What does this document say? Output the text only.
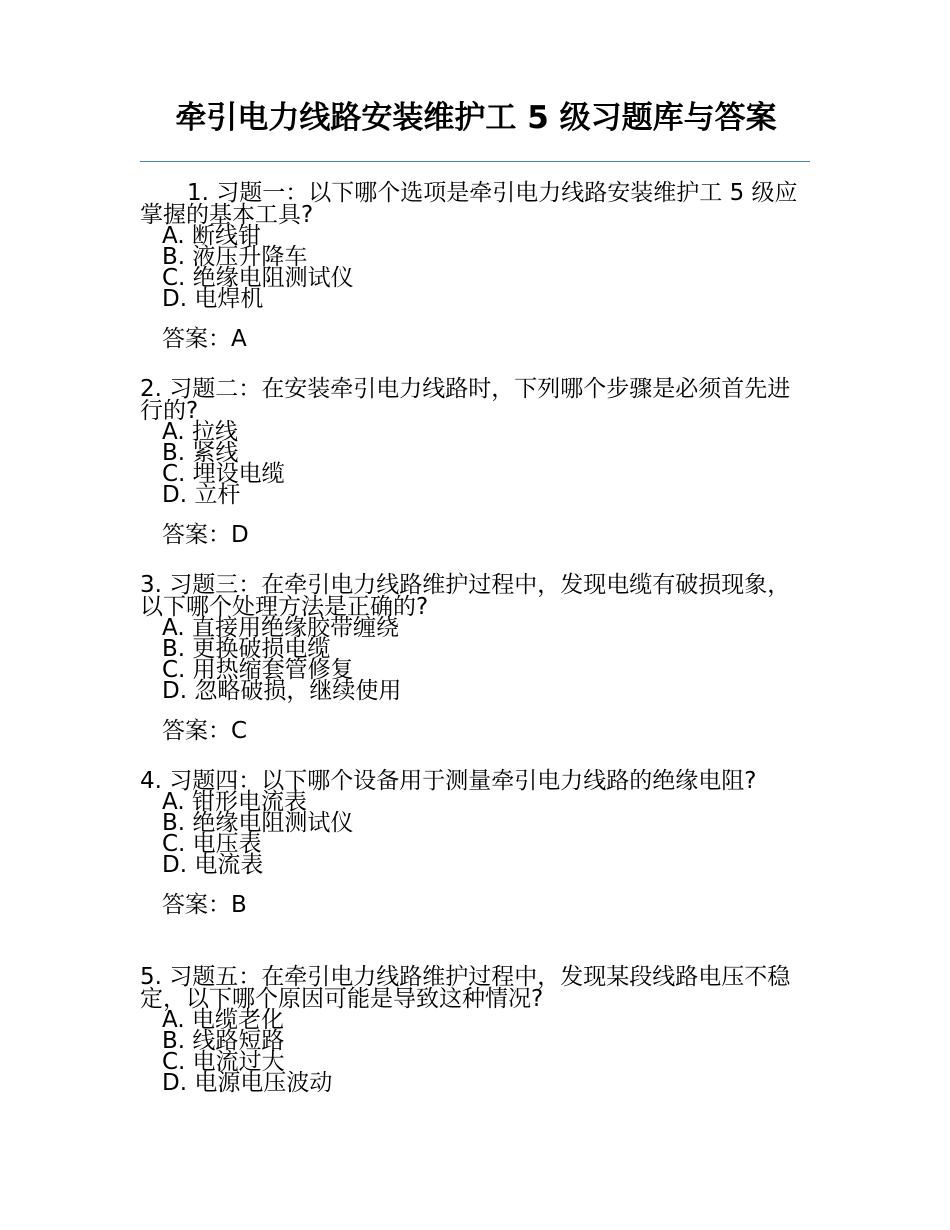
牵引电力线路安装维护工 5 级习题库与答案

1. 习题一：以下哪个选项是牵引电力线路安装维护工 5 级应掌握的基本工具?

A. 断线钳
B. 液压升降车
C. 绝缘电阻测试仪
D. 电焊机
答案：A

2. 习题二：在安装牵引电力线路时，下列哪个步骤是必须首先进行的?

A. 拉线
B. 紧线
C. 埋设电缆
D. 立杆
答案：D

3. 习题三：在牵引电力线路维护过程中，发现电缆有破损现象，以下哪个处理方法是正确的?

A. 直接用绝缘胶带缠绕
B. 更换破损电缆
C. 用热缩套管修复
D. 忽略破损，继续使用
答案：C

4. 习题四：以下哪个设备用于测量牵引电力线路的绝缘电阻?

A. 钳形电流表
B. 绝缘电阻测试仪
C. 电压表
D. 电流表
答案：B

5. 习题五：在牵引电力线路维护过程中，发现某段线路电压不稳定，以下哪个原因可能是导致这种情况?

A. 电缆老化
B. 线路短路
C. 电流过大
D. 电源电压波动
